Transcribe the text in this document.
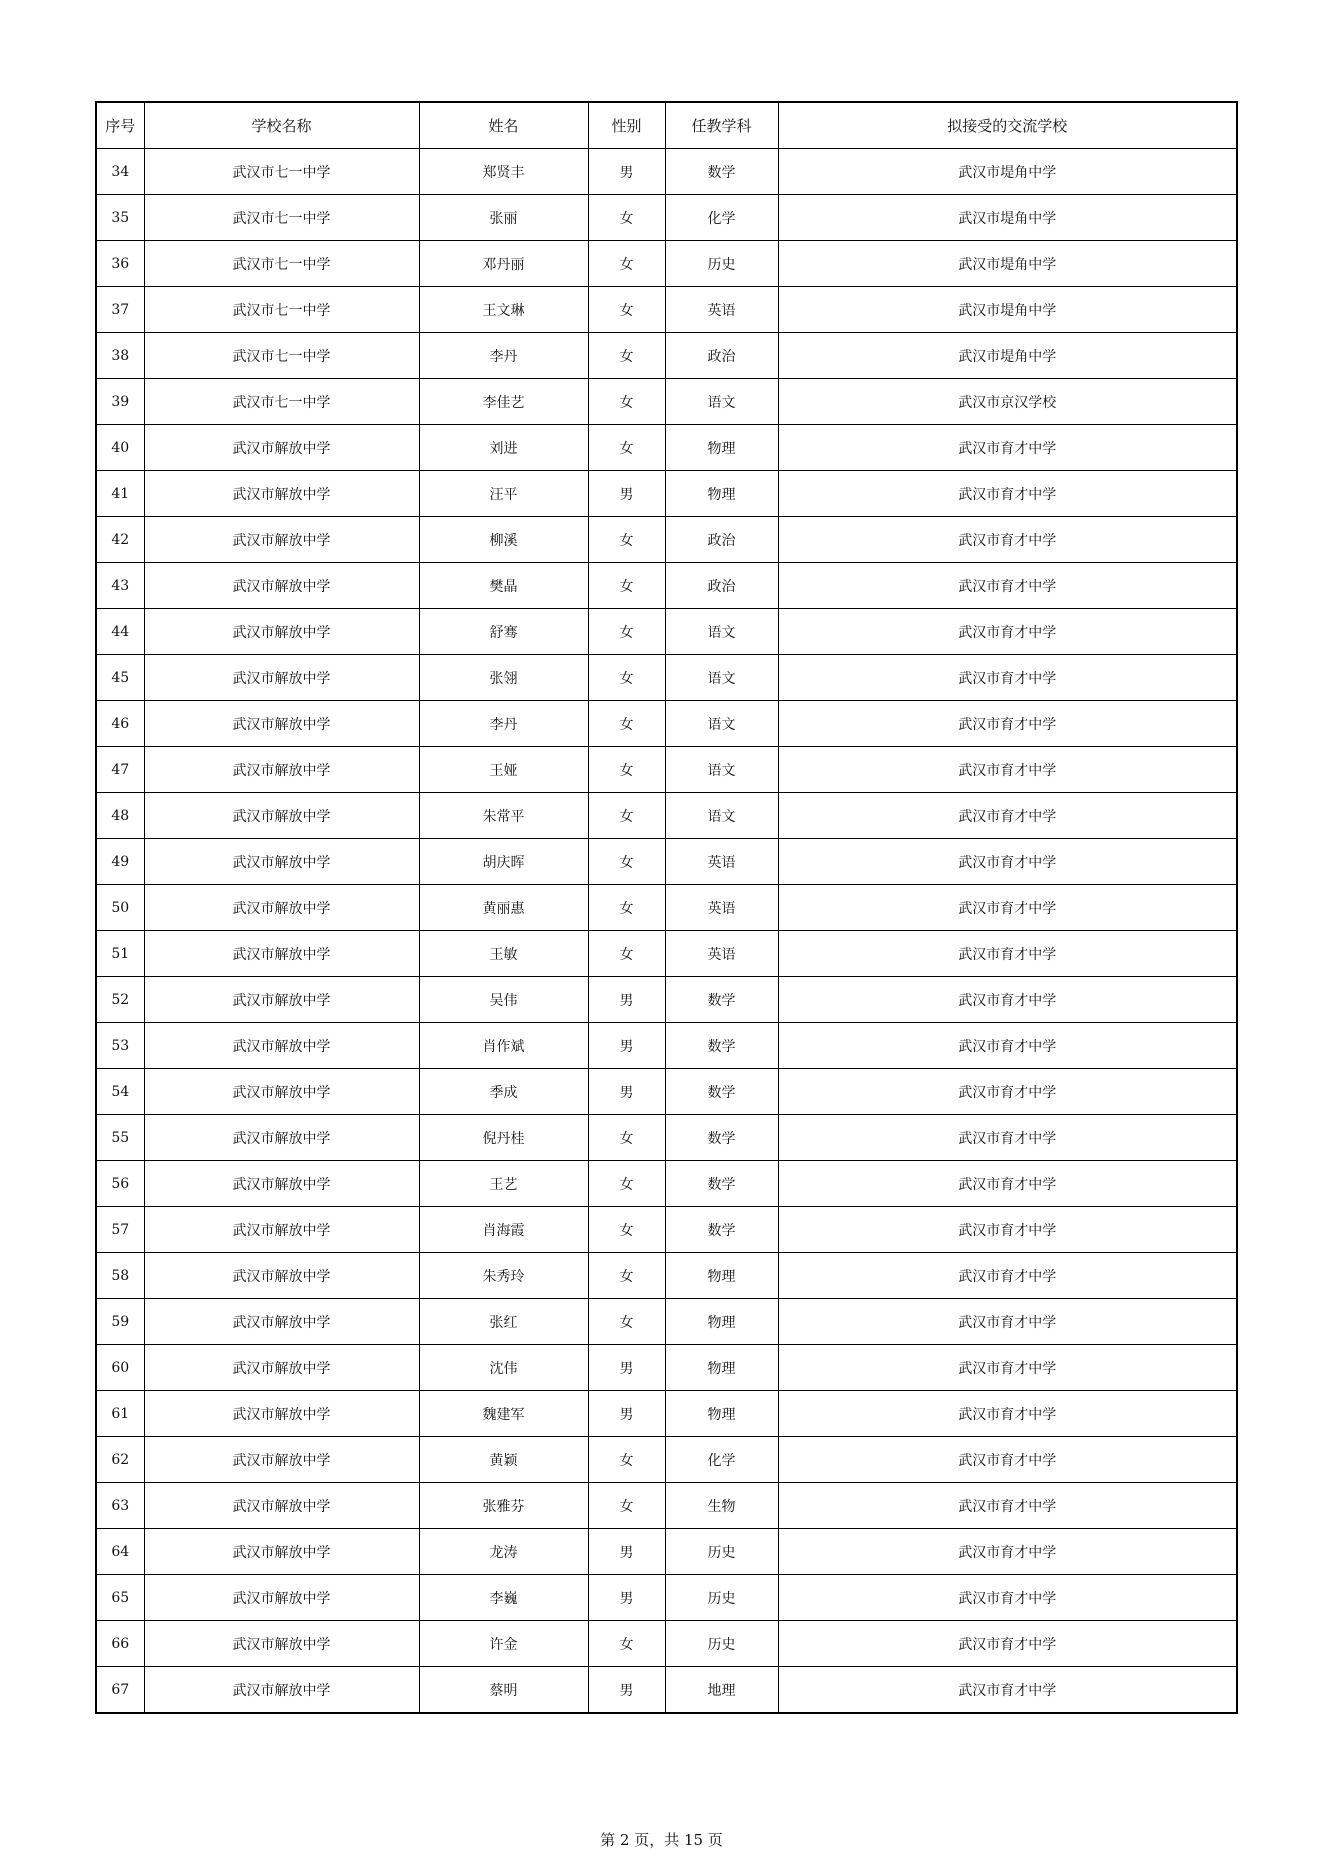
序号	学校名称	姓名	性别	任教学科	拟接受的交流学校
34	武汉市七一中学	郑贤丰	男	数学	武汉市堤角中学
35	武汉市七一中学	张丽	女	化学	武汉市堤角中学
36	武汉市七一中学	邓丹丽	女	历史	武汉市堤角中学
37	武汉市七一中学	王文琳	女	英语	武汉市堤角中学
38	武汉市七一中学	李丹	女	政治	武汉市堤角中学
39	武汉市七一中学	李佳艺	女	语文	武汉市京汉学校
40	武汉市解放中学	刘进	女	物理	武汉市育才中学
41	武汉市解放中学	汪平	男	物理	武汉市育才中学
42	武汉市解放中学	柳溪	女	政治	武汉市育才中学
43	武汉市解放中学	樊晶	女	政治	武汉市育才中学
44	武汉市解放中学	舒骞	女	语文	武汉市育才中学
45	武汉市解放中学	张翎	女	语文	武汉市育才中学
46	武汉市解放中学	李丹	女	语文	武汉市育才中学
47	武汉市解放中学	王娅	女	语文	武汉市育才中学
48	武汉市解放中学	朱常平	女	语文	武汉市育才中学
49	武汉市解放中学	胡庆晖	女	英语	武汉市育才中学
50	武汉市解放中学	黄丽惠	女	英语	武汉市育才中学
51	武汉市解放中学	王敏	女	英语	武汉市育才中学
52	武汉市解放中学	吴伟	男	数学	武汉市育才中学
53	武汉市解放中学	肖作斌	男	数学	武汉市育才中学
54	武汉市解放中学	季成	男	数学	武汉市育才中学
55	武汉市解放中学	倪丹桂	女	数学	武汉市育才中学
56	武汉市解放中学	王艺	女	数学	武汉市育才中学
57	武汉市解放中学	肖海霞	女	数学	武汉市育才中学
58	武汉市解放中学	朱秀玲	女	物理	武汉市育才中学
59	武汉市解放中学	张红	女	物理	武汉市育才中学
60	武汉市解放中学	沈伟	男	物理	武汉市育才中学
61	武汉市解放中学	魏建军	男	物理	武汉市育才中学
62	武汉市解放中学	黄颖	女	化学	武汉市育才中学
63	武汉市解放中学	张雅芬	女	生物	武汉市育才中学
64	武汉市解放中学	龙涛	男	历史	武汉市育才中学
65	武汉市解放中学	李巍	男	历史	武汉市育才中学
66	武汉市解放中学	许金	女	历史	武汉市育才中学
67	武汉市解放中学	蔡明	男	地理	武汉市育才中学
第 2 页，共 15 页
